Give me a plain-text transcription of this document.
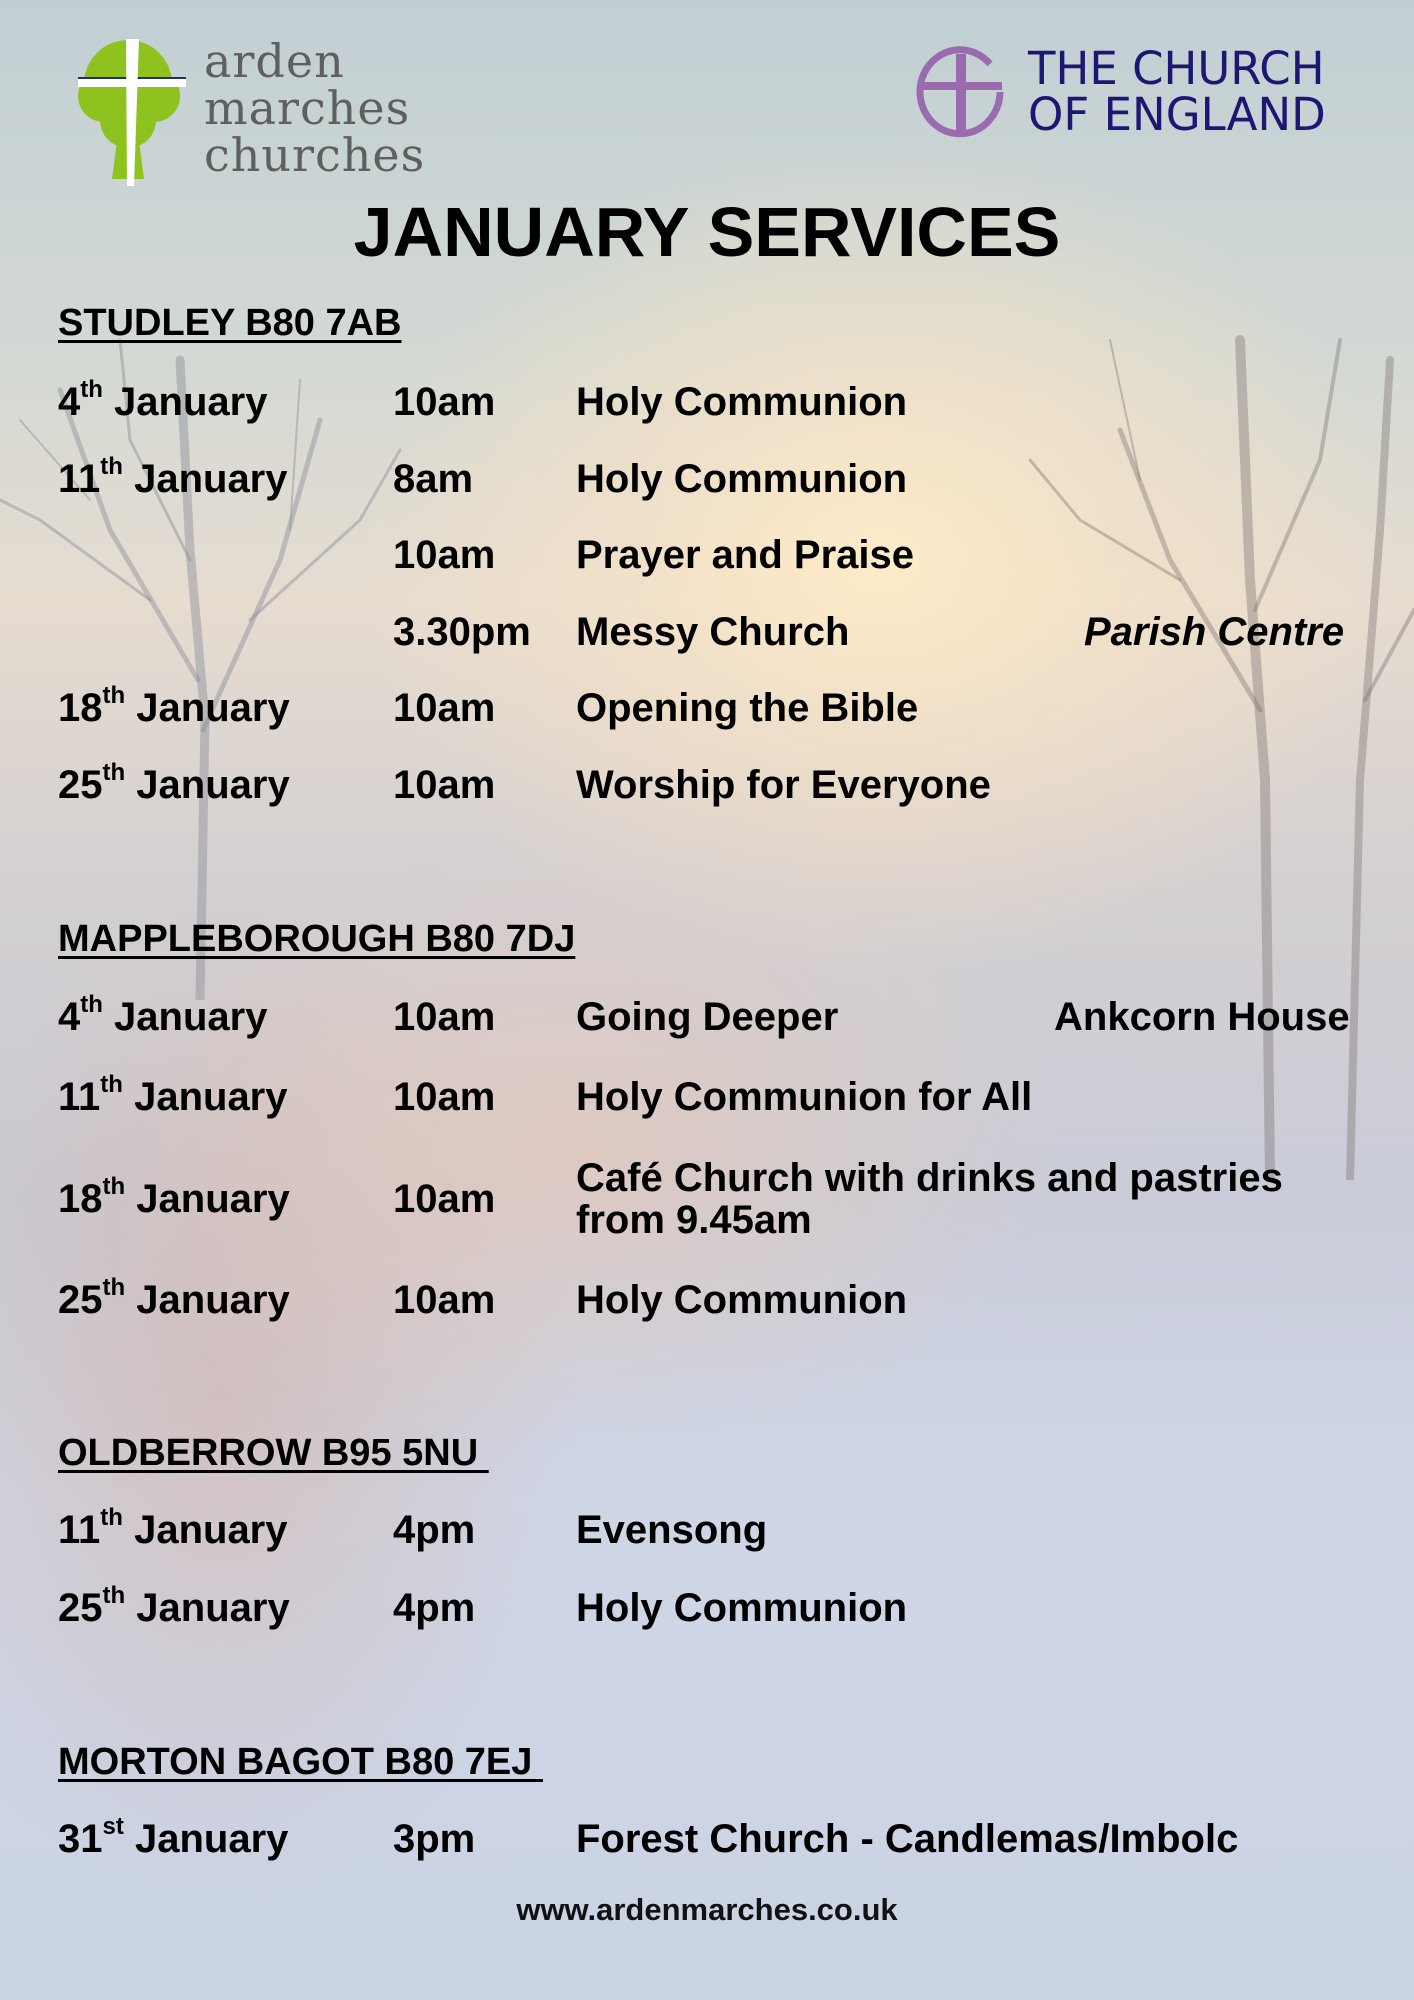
arden
marches
churches
THE CHURCH
OF ENGLAND
JANUARY SERVICES
STUDLEY B80 7AB
4th January	10am Holy Communion
11th January	8am	Holy Communion
10am Prayer and Praise
3.30pm Messy Church	Parish Centre
18th January	10am Opening the Bible
25th January	10am Worship for Everyone
MAPPLEBOROUGH B80 7DJ
4th January	10am Going Deeper	Ankcorn House
11th January	10am Holy Communion for All
18th January	10am Café Church with drinks and pastries
from 9.45am
25th January	10am Holy Communion
OLDBERROW B95 5NU
11th January	4pm	Evensong
25th January	4pm	Holy Communion
MORTON BAGOT B80 7EJ
31st January	3pm	Forest Church - Candlemas/Imbolc
www.ardenmarches.co.uk
